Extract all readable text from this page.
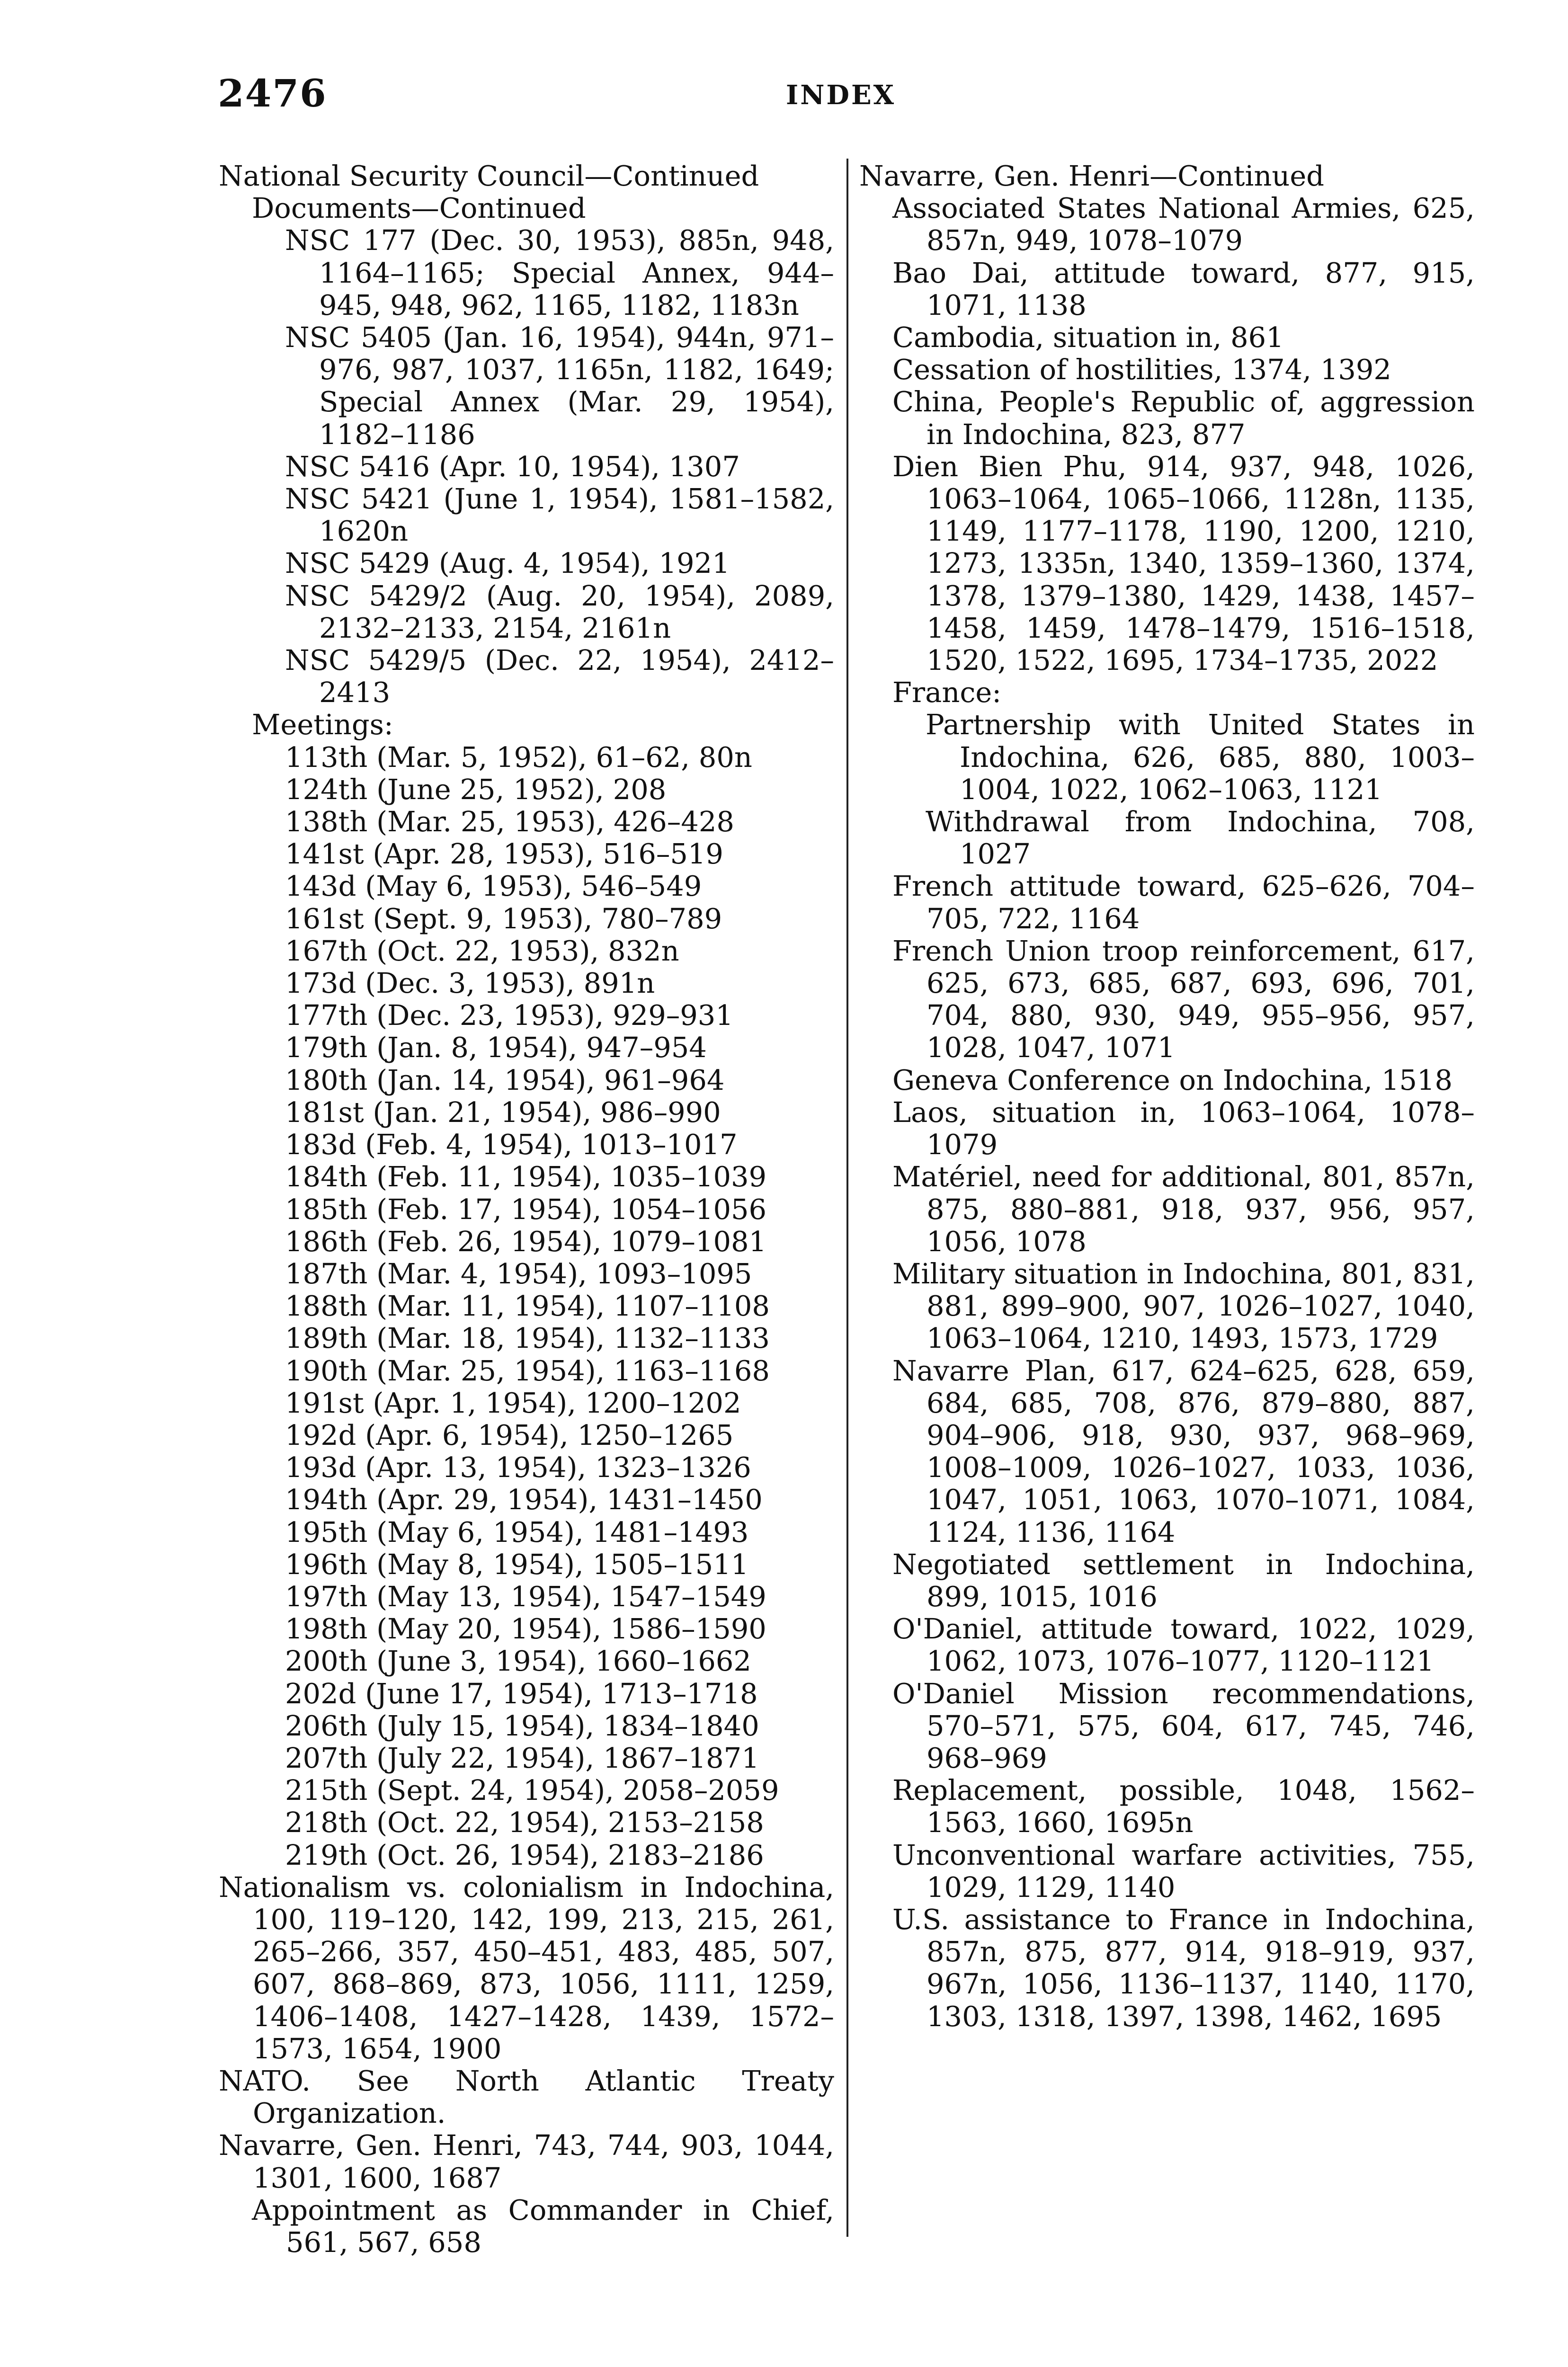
2476	INDEX
National Security Council—Continued
Documents—Continued
NSC 177 (Dec. 30, 1953), 885n, 948, 1164–1165; Special Annex, 944–945, 948, 962, 1165, 1182, 1183n
NSC 5405 (Jan. 16, 1954), 944n, 971–976, 987, 1037, 1165n, 1182, 1649; Special Annex (Mar. 29, 1954), 1182–1186
NSC 5416 (Apr. 10, 1954), 1307
NSC 5421 (June 1, 1954), 1581–1582, 1620n
NSC 5429 (Aug. 4, 1954), 1921
NSC 5429/2 (Aug. 20, 1954), 2089, 2132–2133, 2154, 2161n
NSC 5429/5 (Dec. 22, 1954), 2412–2413
Meetings:
113th (Mar. 5, 1952), 61–62, 80n
124th (June 25, 1952), 208
138th (Mar. 25, 1953), 426–428
141st (Apr. 28, 1953), 516–519
143d (May 6, 1953), 546–549
161st (Sept. 9, 1953), 780–789
167th (Oct. 22, 1953), 832n
173d (Dec. 3, 1953), 891n
177th (Dec. 23, 1953), 929–931
179th (Jan. 8, 1954), 947–954
180th (Jan. 14, 1954), 961–964
181st (Jan. 21, 1954), 986–990
183d (Feb. 4, 1954), 1013–1017
184th (Feb. 11, 1954), 1035–1039
185th (Feb. 17, 1954), 1054–1056
186th (Feb. 26, 1954), 1079–1081
187th (Mar. 4, 1954), 1093–1095
188th (Mar. 11, 1954), 1107–1108
189th (Mar. 18, 1954), 1132–1133
190th (Mar. 25, 1954), 1163–1168
191st (Apr. 1, 1954), 1200–1202
192d (Apr. 6, 1954), 1250–1265
193d (Apr. 13, 1954), 1323–1326
194th (Apr. 29, 1954), 1431–1450
195th (May 6, 1954), 1481–1493
196th (May 8, 1954), 1505–1511
197th (May 13, 1954), 1547–1549
198th (May 20, 1954), 1586–1590
200th (June 3, 1954), 1660–1662
202d (June 17, 1954), 1713–1718
206th (July 15, 1954), 1834–1840
207th (July 22, 1954), 1867–1871
215th (Sept. 24, 1954), 2058–2059
218th (Oct. 22, 1954), 2153–2158
219th (Oct. 26, 1954), 2183–2186
Nationalism vs. colonialism in Indochina, 100, 119–120, 142, 199, 213, 215, 261, 265–266, 357, 450–451, 483, 485, 507, 607, 868–869, 873, 1056, 1111, 1259, 1406–1408, 1427–1428, 1439, 1572–1573, 1654, 1900
NATO. See North Atlantic Treaty Organization.
Navarre, Gen. Henri, 743, 744, 903, 1044, 1301, 1600, 1687
Appointment as Commander in Chief, 561, 567, 658
Navarre, Gen. Henri—Continued
Associated States National Armies, 625, 857n, 949, 1078–1079
Bao Dai, attitude toward, 877, 915, 1071, 1138
Cambodia, situation in, 861
Cessation of hostilities, 1374, 1392
China, People's Republic of, aggression in Indochina, 823, 877
Dien Bien Phu, 914, 937, 948, 1026, 1063–1064, 1065–1066, 1128n, 1135, 1149, 1177–1178, 1190, 1200, 1210, 1273, 1335n, 1340, 1359–1360, 1374, 1378, 1379–1380, 1429, 1438, 1457–1458, 1459, 1478–1479, 1516–1518, 1520, 1522, 1695, 1734–1735, 2022
France:
Partnership with United States in Indochina, 626, 685, 880, 1003–1004, 1022, 1062–1063, 1121
Withdrawal from Indochina, 708, 1027
French attitude toward, 625–626, 704–705, 722, 1164
French Union troop reinforcement, 617, 625, 673, 685, 687, 693, 696, 701, 704, 880, 930, 949, 955–956, 957, 1028, 1047, 1071
Geneva Conference on Indochina, 1518
Laos, situation in, 1063–1064, 1078–1079
Matériel, need for additional, 801, 857n, 875, 880–881, 918, 937, 956, 957, 1056, 1078
Military situation in Indochina, 801, 831, 881, 899–900, 907, 1026–1027, 1040, 1063–1064, 1210, 1493, 1573, 1729
Navarre Plan, 617, 624–625, 628, 659, 684, 685, 708, 876, 879–880, 887, 904–906, 918, 930, 937, 968–969, 1008–1009, 1026–1027, 1033, 1036, 1047, 1051, 1063, 1070–1071, 1084, 1124, 1136, 1164
Negotiated settlement in Indochina, 899, 1015, 1016
O'Daniel, attitude toward, 1022, 1029, 1062, 1073, 1076–1077, 1120–1121
O'Daniel Mission recommendations, 570–571, 575, 604, 617, 745, 746, 968–969
Replacement, possible, 1048, 1562–1563, 1660, 1695n
Unconventional warfare activities, 755, 1029, 1129, 1140
U.S. assistance to France in Indochina, 857n, 875, 877, 914, 918–919, 937, 967n, 1056, 1136–1137, 1140, 1170, 1303, 1318, 1397, 1398, 1462, 1695
